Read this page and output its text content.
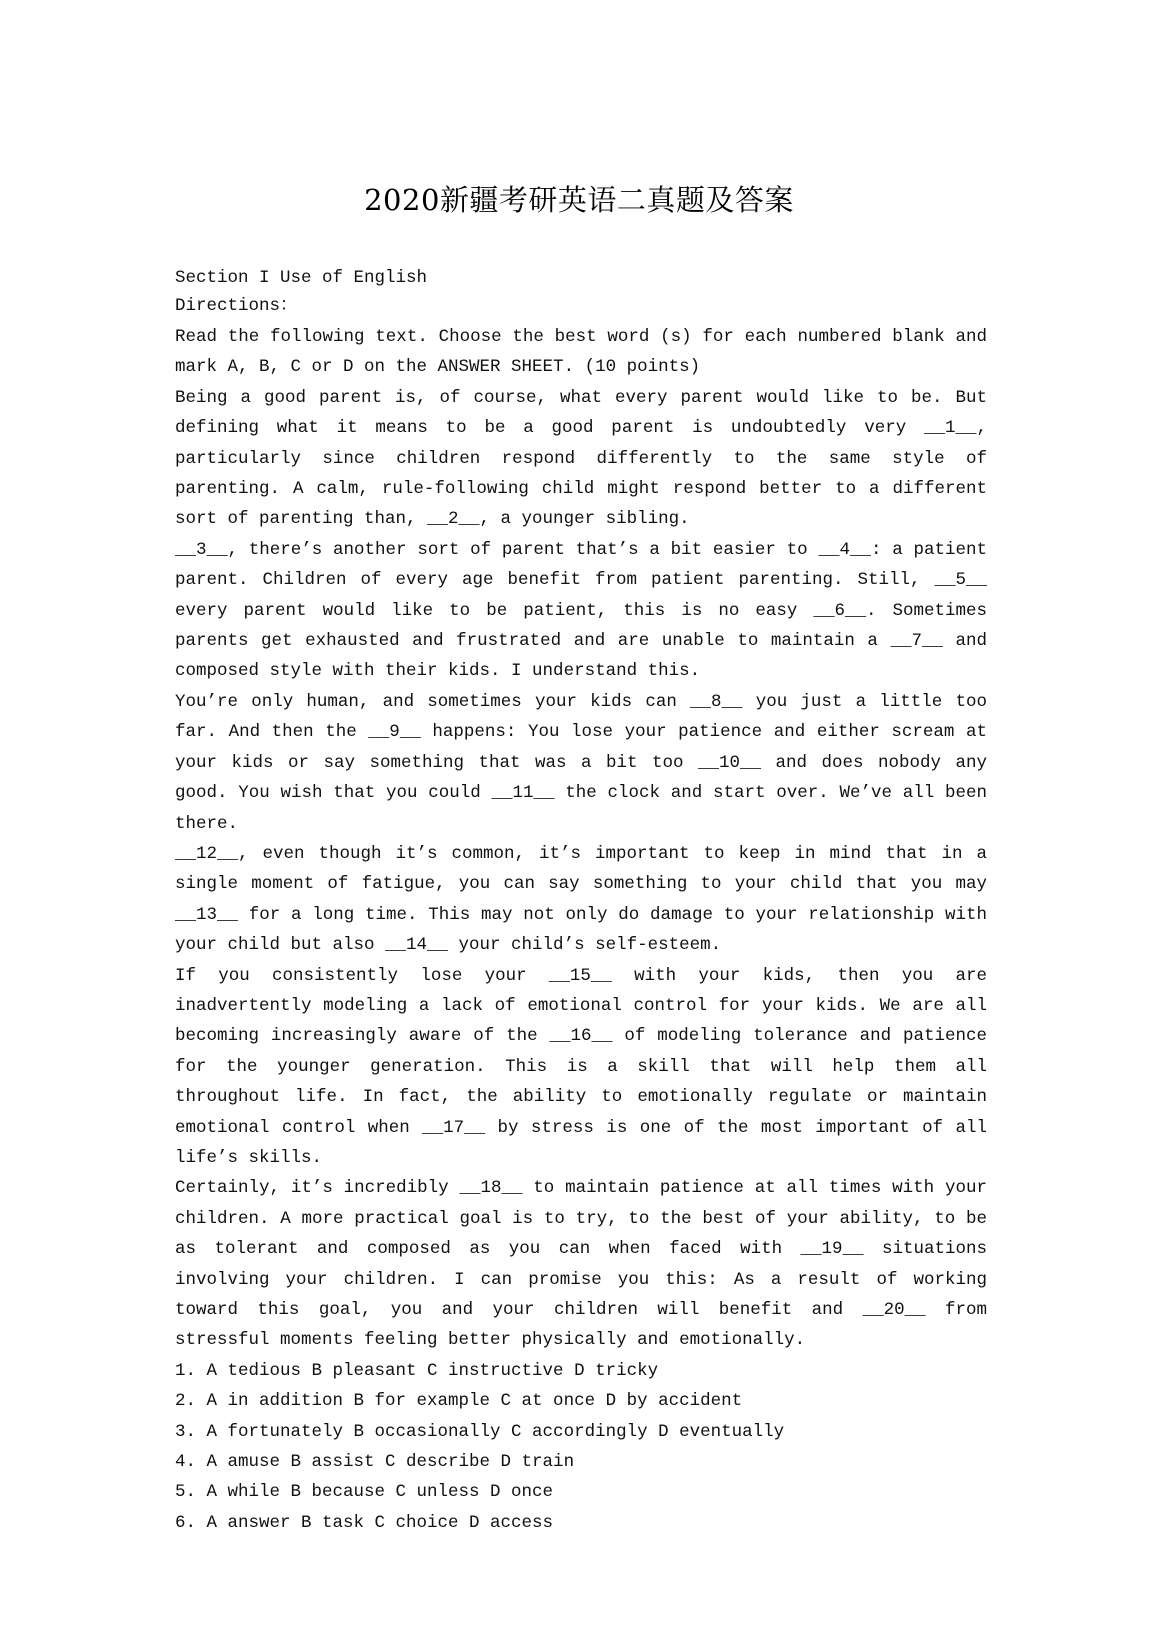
2020新疆考研英语二真题及答案

Section I Use of English

Directions：

Read the following text. Choose the best word (s) for each numbered blank and mark A, B, C or D on the ANSWER SHEET. (10 points)

Being a good parent is, of course, what every parent would like to be. But defining what it means to be a good parent is undoubtedly very __1__, particularly since children respond differently to the same style of parenting. A calm, rule-following child might respond better to a different sort of parenting than, __2__, a younger sibling.

__3__, there’s another sort of parent that’s a bit easier to __4__: a patient parent. Children of every age benefit from patient parenting. Still, __5__ every parent would like to be patient, this is no easy __6__. Sometimes parents get exhausted and frustrated and are unable to maintain a __7__ and composed style with their kids. I understand this.

You’re only human, and sometimes your kids can __8__ you just a little too far. And then the __9__ happens: You lose your patience and either scream at your kids or say something that was a bit too __10__ and does nobody any good. You wish that you could __11__ the clock and start over. We’ve all been there.

__12__, even though it’s common, it’s important to keep in mind that in a single moment of fatigue, you can say something to your child that you may __13__ for a long time. This may not only do damage to your relationship with your child but also __14__ your child’s self-esteem.

If you consistently lose your __15__ with your kids, then you are inadvertently modeling a lack of emotional control for your kids. We are all becoming increasingly aware of the __16__ of modeling tolerance and patience for the younger generation. This is a skill that will help them all throughout life. In fact, the ability to emotionally regulate or maintain emotional control when __17__ by stress is one of the most important of all life’s skills.

Certainly, it’s incredibly __18__ to maintain patience at all times with your children. A more practical goal is to try, to the best of your ability, to be as tolerant and composed as you can when faced with __19__ situations involving your children. I can promise you this: As a result of working toward this goal, you and your children will benefit and __20__ from stressful moments feeling better physically and emotionally.

1. A tedious B pleasant C instructive D tricky
2. A in addition B for example C at once D by accident
3. A fortunately B occasionally C accordingly D eventually
4. A amuse B assist C describe D train
5. A while B because C unless D once
6. A answer B task C choice D access
